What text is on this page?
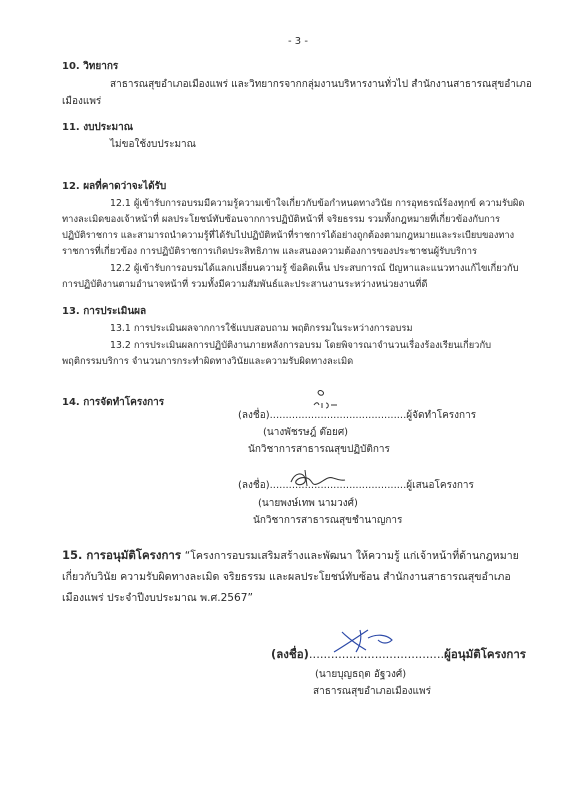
- 3 -
10. วิทยากร
สาธารณสุขอำเภอเมืองแพร่ และวิทยากรจากกลุ่มงานบริหารงานทั่วไป สำนักงานสาธารณสุขอำเภอ
เมืองแพร่
11. งบประมาณ
ไม่ขอใช้งบประมาณ
12. ผลที่คาดว่าจะได้รับ
12.1 ผู้เข้ารับการอบรมมีความรู้ความเข้าใจเกี่ยวกับข้อกำหนดทางวินัย การอุทธรณ์ร้องทุกข์ ความรับผิด
ทางละเมิดของเจ้าหน้าที่ ผลประโยชน์ทับซ้อนจากการปฏิบัติหน้าที่ จริยธรรม รวมทั้งกฎหมายที่เกี่ยวข้องกับการ
ปฏิบัติราชการ และสามารถนำความรู้ที่ได้รับไปปฏิบัติหน้าที่ราชการได้อย่างถูกต้องตามกฎหมายและระเบียบของทาง
ราชการที่เกี่ยวข้อง การปฏิบัติราชการเกิดประสิทธิภาพ และสนองความต้องการของประชาชนผู้รับบริการ
12.2 ผู้เข้ารับการอบรมได้แลกเปลี่ยนความรู้ ข้อคิดเห็น ประสบการณ์ ปัญหาและแนวทางแก้ไขเกี่ยวกับ
การปฏิบัติงานตามอำนาจหน้าที่ รวมทั้งมีความสัมพันธ์และประสานงานระหว่างหน่วยงานที่ดี
13. การประเมินผล
13.1 การประเมินผลจากการใช้แบบสอบถาม พฤติกรรมในระหว่างการอบรม
13.2 การประเมินผลการปฏิบัติงานภายหลังการอบรม โดยพิจารณาจำนวนเรื่องร้องเรียนเกี่ยวกับ
พฤติกรรมบริการ จำนวนการกระทำผิดทางวินัยและความรับผิดทางละเมิด
14. การจัดทำโครงการ
(ลงชื่อ)...........................................ผู้จัดทำโครงการ
(นางพัชรษฎ์ ต๊อยศ)
นักวิชาการสาธารณสุขปฏิบัติการ
(ลงชื่อ)...........................................ผู้เสนอโครงการ
(นายพงษ์เทพ นามวงศ์)
นักวิชาการสาธารณสุขชำนาญการ
15. การอนุมัติโครงการ “โครงการอบรมเสริมสร้างและพัฒนา ให้ความรู้ แก่เจ้าหน้าที่ด้านกฎหมาย
เกี่ยวกับวินัย ความรับผิดทางละเมิด จริยธรรม และผลประโยชน์ทับซ้อน สำนักงานสาธารณสุขอำเภอ
เมืองแพร่ ประจำปีงบประมาณ พ.ศ.2567”
(ลงชื่อ).....................................ผู้อนุมัติโครงการ
(นายบุญธฤต อัฐวงศ์)
สาธารณสุขอำเภอเมืองแพร่
